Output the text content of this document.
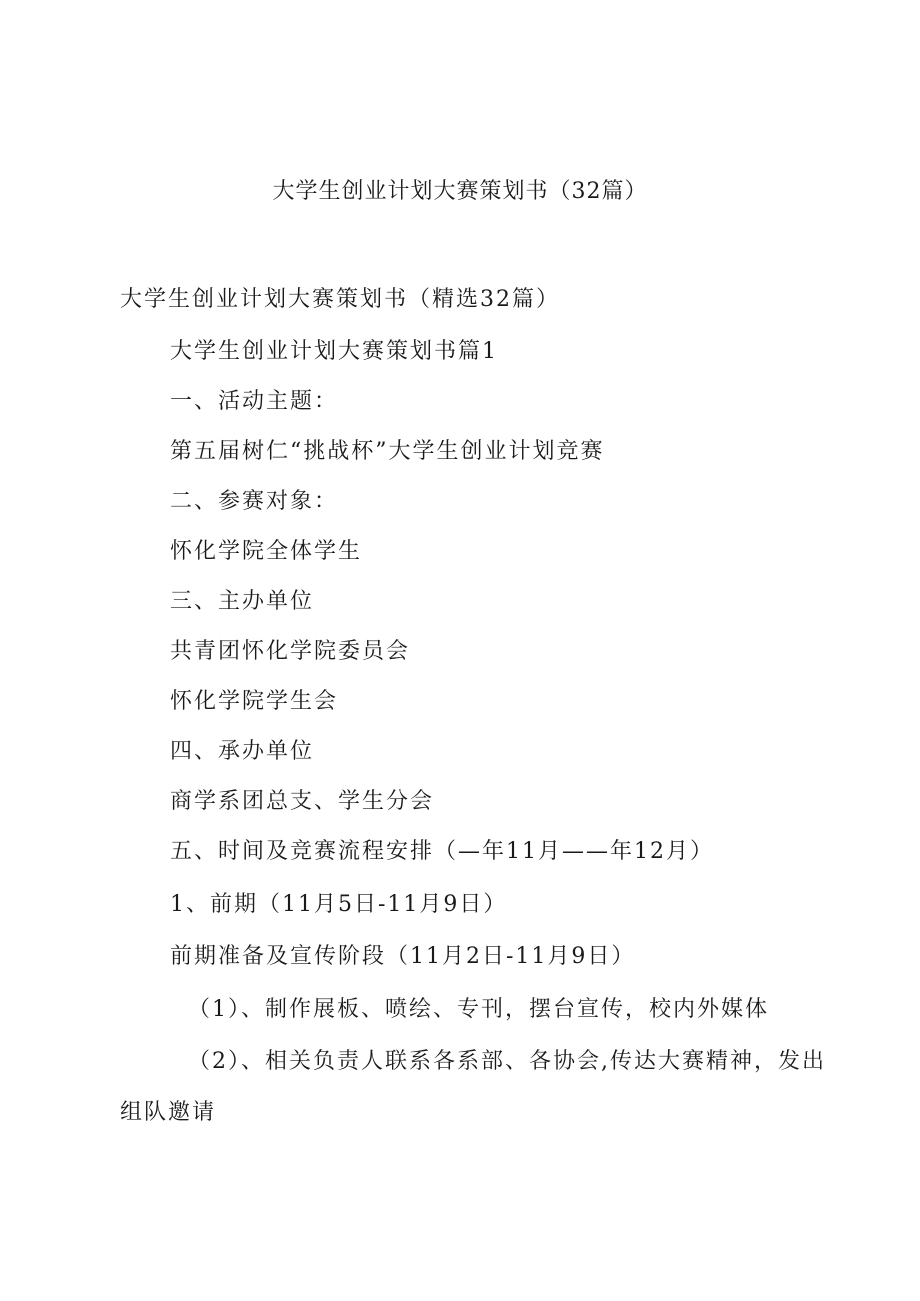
大学生创业计划大赛策划书（32篇）
大学生创业计划大赛策划书（精选32篇）
大学生创业计划大赛策划书篇1
一、活动主题：
第五届树仁“挑战杯”大学生创业计划竞赛
二、参赛对象：
怀化学院全体学生
三、主办单位
共青团怀化学院委员会
怀化学院学生会
四、承办单位
商学系团总支、学生分会
五、时间及竞赛流程安排（—年11月——年12月）
1、前期（11月5日-11月9日）
前期准备及宣传阶段（11月2日-11月9日）
（1）、制作展板、喷绘、专刊，摆台宣传，校内外媒体
（2）、相关负责人联系各系部、各协会,传达大赛精神，发出
组队邀请
